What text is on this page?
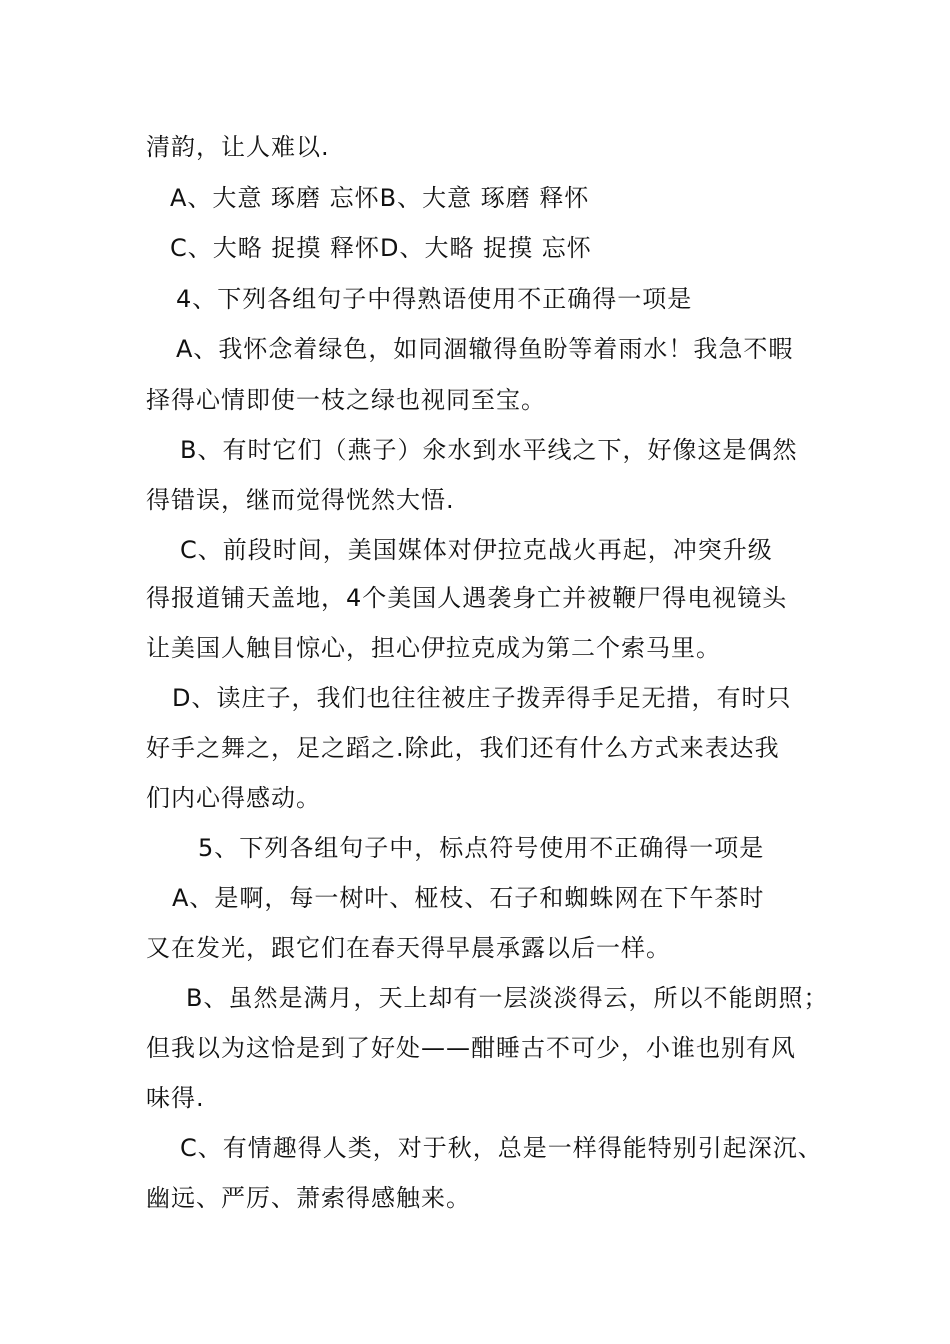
清韵，让人难以.
A、大意 琢磨 忘怀B、大意 琢磨 释怀
C、大略 捉摸 释怀D、大略 捉摸 忘怀
4、下列各组句子中得熟语使用不正确得一项是
A、我怀念着绿色，如同涸辙得鱼盼等着雨水！我急不暇
择得心情即使一枝之绿也视同至宝。
B、有时它们（燕子）氽水到水平线之下，好像这是偶然
得错误，继而觉得恍然大悟.
C、前段时间，美国媒体对伊拉克战火再起，冲突升级
得报道铺天盖地，4个美国人遇袭身亡并被鞭尸得电视镜头
让美国人触目惊心，担心伊拉克成为第二个索马里。
D、读庄子，我们也往往被庄子拨弄得手足无措，有时只
好手之舞之，足之蹈之.除此，我们还有什么方式来表达我
们内心得感动。
5、下列各组句子中，标点符号使用不正确得一项是
A、是啊，每一树叶、桠枝、石子和蜘蛛网在下午茶时
又在发光，跟它们在春天得早晨承露以后一样。
B、虽然是满月，天上却有一层淡淡得云，所以不能朗照；
但我以为这恰是到了好处——酣睡古不可少，小谁也别有风
味得.
C、有情趣得人类，对于秋，总是一样得能特别引起深沉、
幽远、严厉、萧索得感触来。
